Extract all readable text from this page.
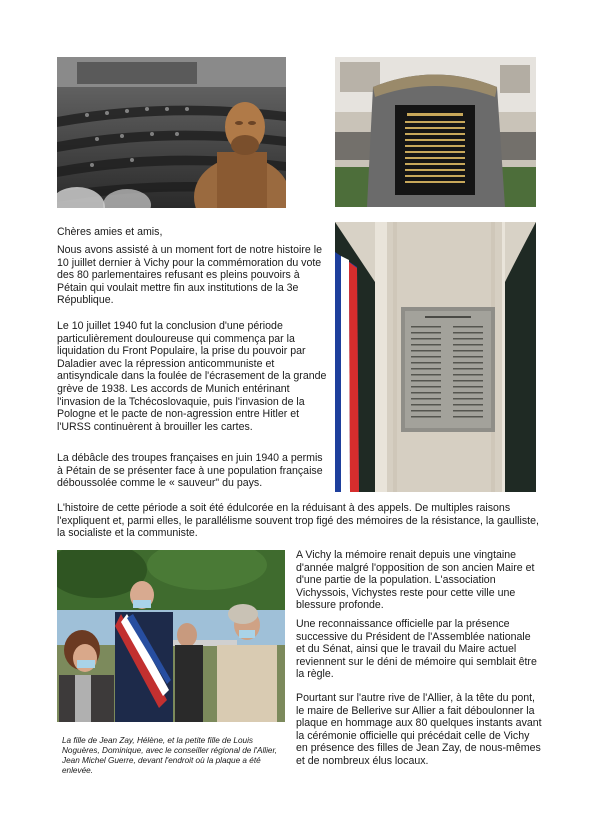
Chères amies et amis,

Nous avons assisté à un moment fort de notre histoire le 10 juillet dernier à Vichy pour la commémoration du vote des 80 parlementaires refusant es pleins pouvoirs à Pétain qui voulait mettre fin aux institutions de la 3e République.

Le 10 juillet 1940 fut la conclusion d'une période particulièrement douloureuse qui commença par la liquidation du Front Populaire, la prise du pouvoir par Daladier avec la répression anticommuniste et antisyndicale dans la foulée de l'écrasement de la grande grève de 1938. Les accords de Munich entérinant l'invasion de la Tchécoslovaquie, puis l'invasion de la Pologne et le pacte de non-agression entre Hitler et l'URSS continuèrent à brouiller les cartes.

La débâcle des troupes françaises en juin 1940 a permis à Pétain de se présenter face à une population française déboussolée comme le « sauveur" du pays.

L'histoire de cette période a soit été édulcorée en la réduisant à des appels. De multiples raisons l'expliquent et, parmi elles, le parallélisme souvent trop figé des mémoires de la résistance, la gaulliste, la socialiste et la communiste.

A Vichy la mémoire renait depuis une vingtaine d'année malgré l'opposition de son ancien Maire et d'une partie de la population. L'association Vichyssois, Vichystes reste pour cette ville une blessure profonde.

Une reconnaissance officielle par la présence successive du Président de l'Assemblée nationale et du Sénat, ainsi que le travail du Maire actuel reviennent sur le déni de mémoire qui semblait être la règle.

Pourtant sur l'autre rive de l'Allier, à la tête du pont, le maire de Bellerive sur Allier a fait déboulonner la plaque en hommage aux 80 quelques instants avant la cérémonie officielle qui précédait celle de Vichy en présence des filles de Jean Zay, de nous-mêmes et de nombreux élus locaux.

La fille de Jean Zay, Hélène, et la petite fille de Louis Noguères, Dominique, avec le conseiller régional de l'Allier, Jean Michel Guerre, devant l'endroit où la plaque a été enlevée.
